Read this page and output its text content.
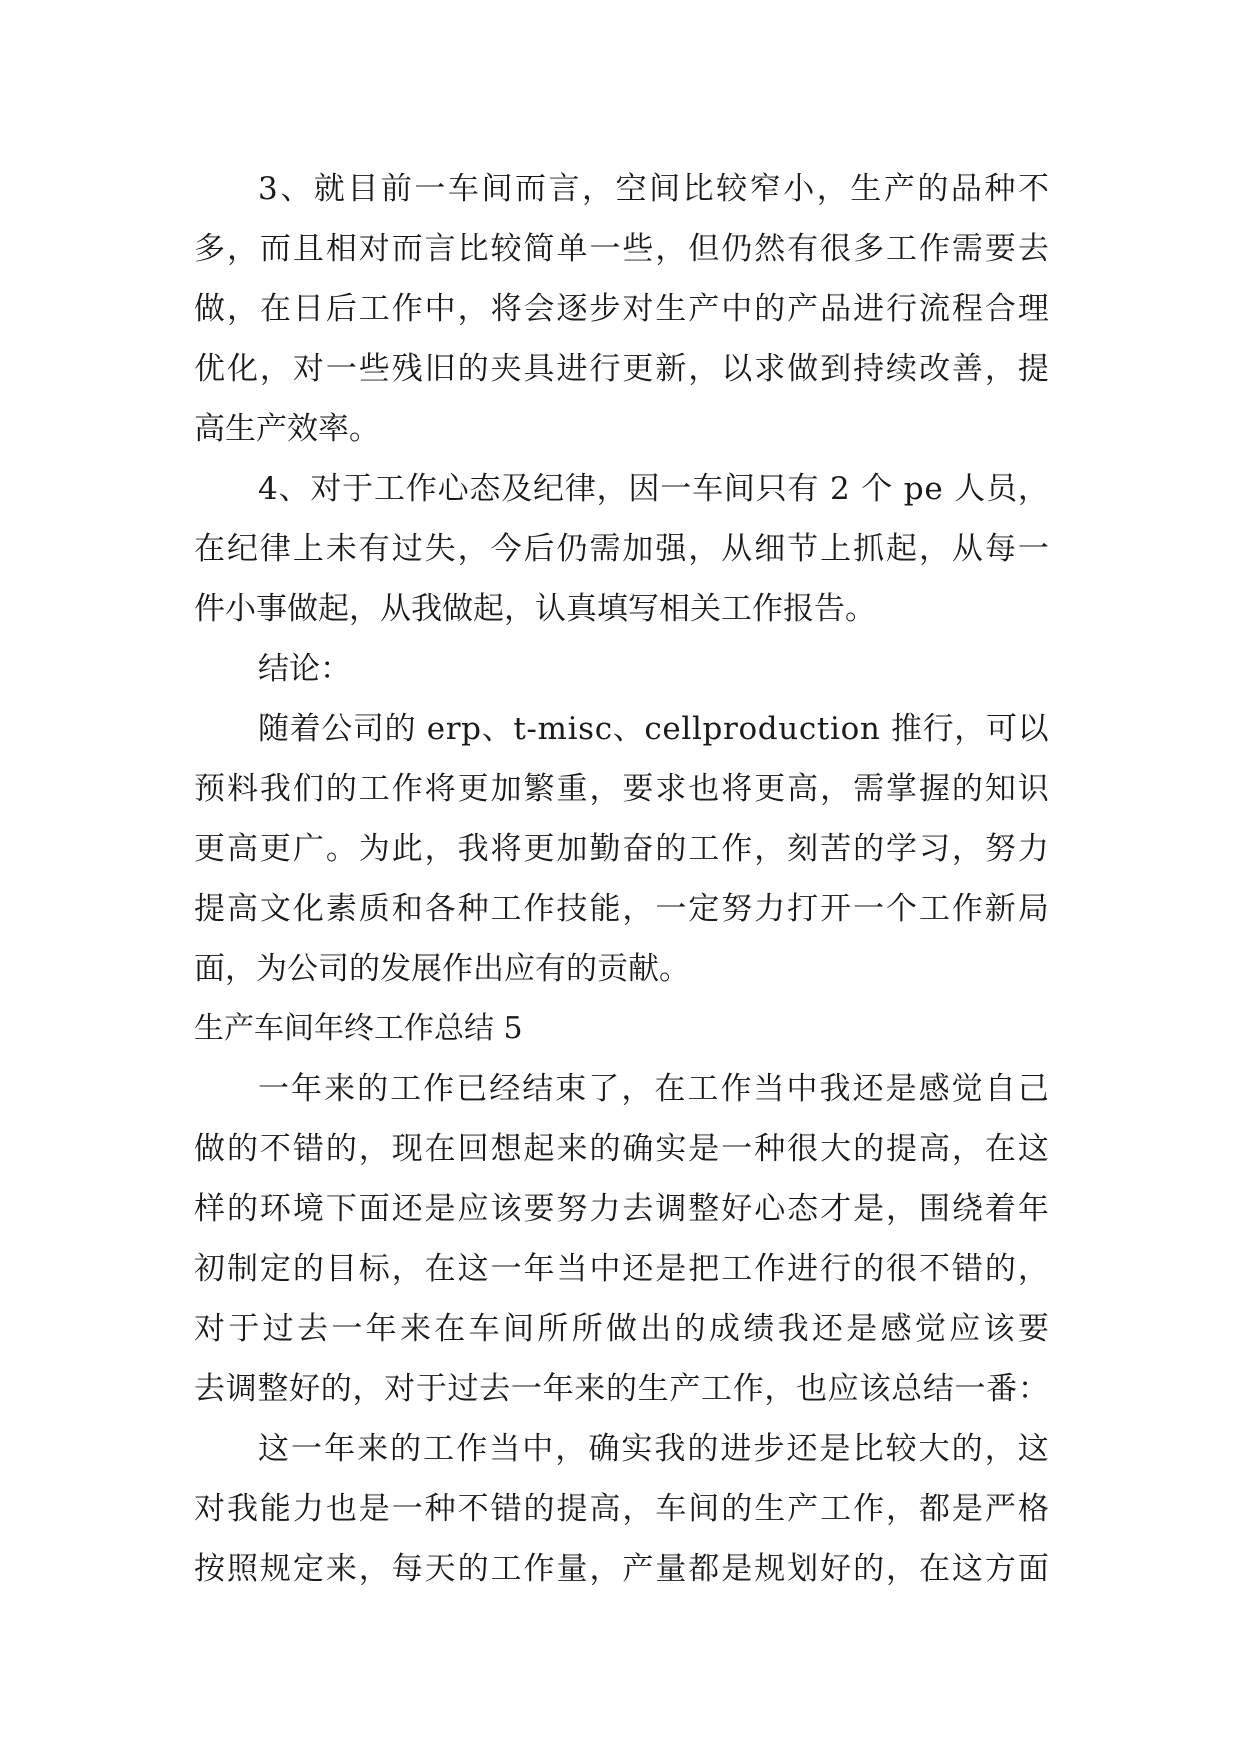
3 、 就 目 前 一 车 间 而 言 ， 空 间 比 较 窄 小 ， 生 产 的 品 种 不
多 ， 而 且 相 对 而 言 比 较 简 单 一 些 ， 但 仍 然 有 很 多 工 作 需 要 去
做 ， 在 日 后 工 作 中 ， 将 会 逐 步 对 生 产 中 的 产 品 进 行 流 程 合 理
优 化 ， 对 一 些 残 旧 的 夹 具 进 行 更 新 ， 以 求 做 到 持 续 改 善 ， 提
高生产效率。
4 、 对 于 工 作 心 态 及 纪 律 ， 因 一 车 间 只 有
2
个
p e
人 员 ，
在 纪 律 上 未 有 过 失 ， 今 后 仍 需 加 强 ， 从 细 节 上 抓 起 ， 从 每 一
件小事做起，从我做起，认真填写相关工作报告。
结论：
随 着 公 司 的
e r p 、 t - m i s c 、 c e l l p r o d u c t i o n
推 行 ， 可 以
预 料 我 们 的 工 作 将 更 加 繁 重 ， 要 求 也 将 更 高 ， 需 掌 握 的 知 识
更 高 更 广 。 为 此 ， 我 将 更 加 勤 奋 的 工 作 ， 刻 苦 的 学 习 ， 努 力
提 高 文 化 素 质 和 各 种 工 作 技 能 ， 一 定 努 力 打 开 一 个 工 作 新 局
面，为公司的发展作出应有的贡献。
生产车间年终工作总结 5
一 年 来 的 工 作 已 经 结 束 了 ， 在 工 作 当 中 我 还 是 感 觉 自 己
做 的 不 错 的 ， 现 在 回 想 起 来 的 确 实 是 一 种 很 大 的 提 高 ， 在 这
样 的 环 境 下 面 还 是 应 该 要 努 力 去 调 整 好 心 态 才 是 ， 围 绕 着 年
初 制 定 的 目 标 ， 在 这 一 年 当 中 还 是 把 工 作 进 行 的 很 不 错 的 ，
对 于 过 去 一 年 来 在 车 间 所 所 做 出 的 成 绩 我 还 是 感 觉 应 该 要
去 调 整 好 的 ， 对 于 过 去 一 年 来 的 生 产 工 作 ， 也 应 该 总 结 一 番 ：
这 一 年 来 的 工 作 当 中 ， 确 实 我 的 进 步 还 是 比 较 大 的 ， 这
对 我 能 力 也 是 一 种 不 错 的 提 高 ， 车 间 的 生 产 工 作 ， 都 是 严 格
按 照 规 定 来 ， 每 天 的 工 作 量 ， 产 量 都 是 规 划 好 的 ， 在 这 方 面
